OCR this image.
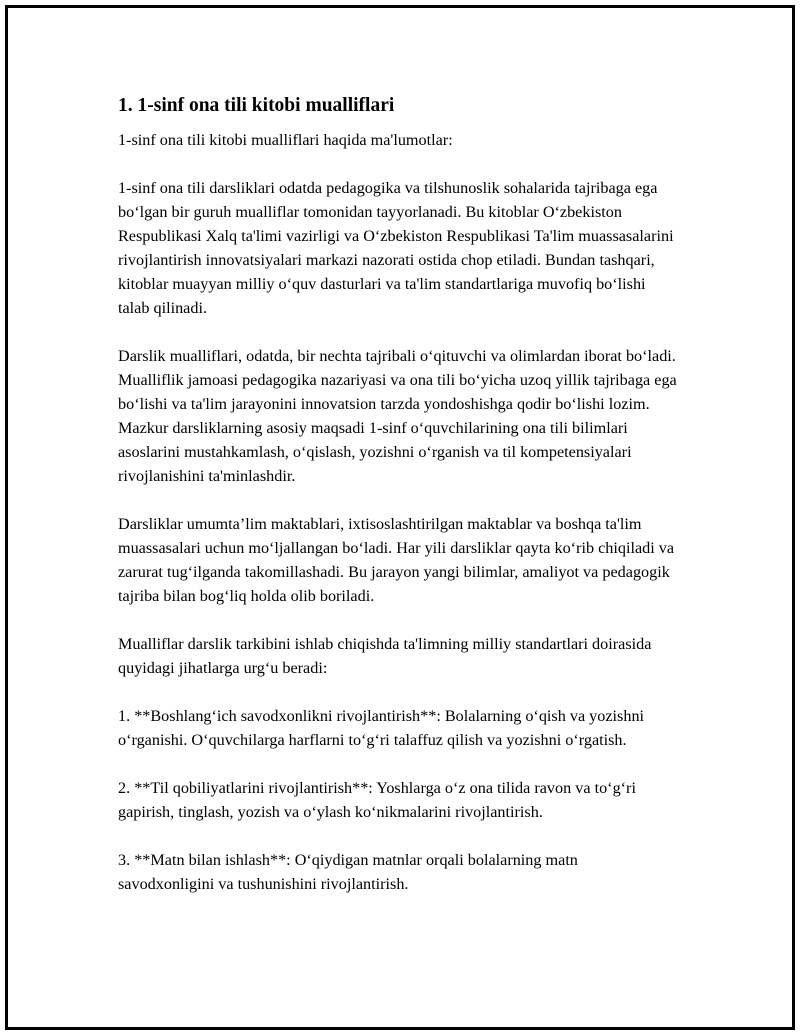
1. 1-sinf ona tili kitobi mualliflari

1-sinf ona tili kitobi mualliflari haqida ma'lumotlar:

1-sinf ona tili darsliklari odatda pedagogika va tilshunoslik sohalarida tajribaga ega bo‘lgan bir guruh mualliflar tomonidan tayyorlanadi. Bu kitoblar O‘zbekiston Respublikasi Xalq ta'limi vazirligi va O‘zbekiston Respublikasi Ta'lim muassasalarini rivojlantirish innovatsiyalari markazi nazorati ostida chop etiladi. Bundan tashqari, kitoblar muayyan milliy o‘quv dasturlari va ta'lim standartlariga muvofiq bo‘lishi talab qilinadi.

Darslik mualliflari, odatda, bir nechta tajribali o‘qituvchi va olimlardan iborat bo‘ladi. Mualliflik jamoasi pedagogika nazariyasi va ona tili bo‘yicha uzoq yillik tajribaga ega bo‘lishi va ta'lim jarayonini innovatsion tarzda yondoshishga qodir bo‘lishi lozim. Mazkur darsliklarning asosiy maqsadi 1-sinf o‘quvchilarining ona tili bilimlari asoslarini mustahkamlash, o‘qislash, yozishni o‘rganish va til kompetensiyalari rivojlanishini ta'minlashdir.

Darsliklar umumta’lim maktablari, ixtisoslashtirilgan maktablar va boshqa ta'lim muassasalari uchun mo‘ljallangan bo‘ladi. Har yili darsliklar qayta ko‘rib chiqiladi va zarurat tug‘ilganda takomillashadi. Bu jarayon yangi bilimlar, amaliyot va pedagogik tajriba bilan bog‘liq holda olib boriladi.

Mualliflar darslik tarkibini ishlab chiqishda ta'limning milliy standartlari doirasida quyidagi jihatlarga urg‘u beradi:

1. **Boshlang‘ich savodxonlikni rivojlantirish**: Bolalarning o‘qish va yozishni o‘rganishi. O‘quvchilarga harflarni to‘g‘ri talaffuz qilish va yozishni o‘rgatish.

2. **Til qobiliyatlarini rivojlantirish**: Yoshlarga o‘z ona tilida ravon va to‘g‘ri gapirish, tinglash, yozish va o‘ylash ko‘nikmalarini rivojlantirish.

3. **Matn bilan ishlash**: O‘qiydigan matnlar orqali bolalarning matn savodxonligini va tushunishini rivojlantirish.
